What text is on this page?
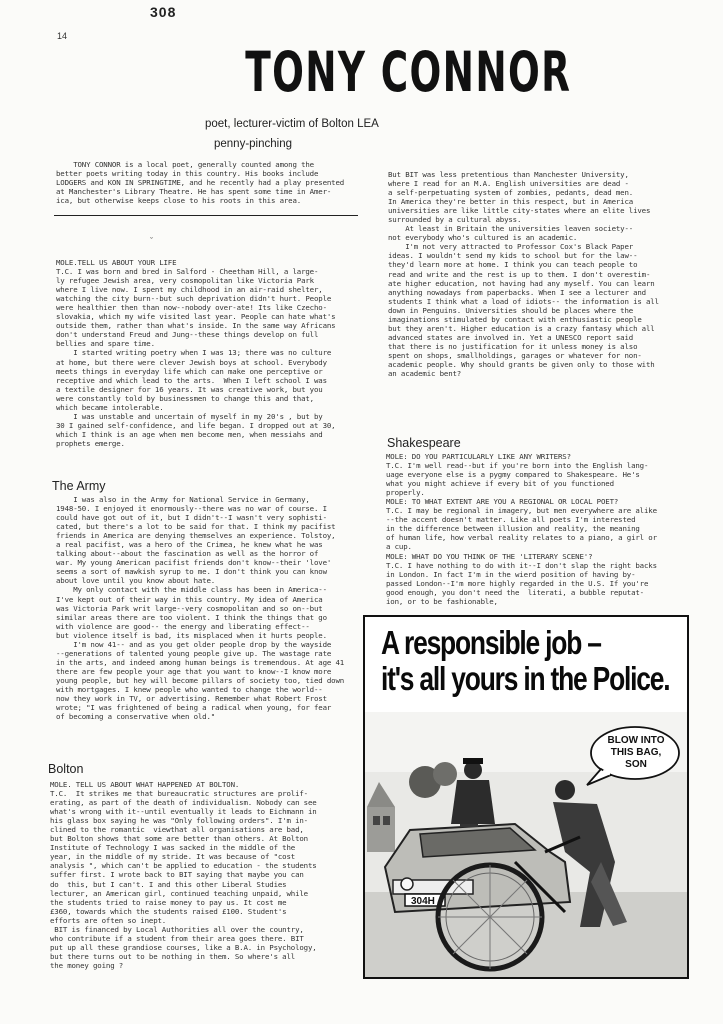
308
14
TONY CONNOR
poet, lecturer-victim of Bolton LEA
penny-pinching
TONY CONNOR is a local poet, generally counted among the
better poets writing today in this country. His books include
LODGERS and KON IN SPRINGTIME, and he recently had a play presented
at Manchester's Library Theatre. He has spent some time in Amer-
ica, but otherwise keeps close to his roots in this area.
ˇ
MOLE.TELL US ABOUT YOUR LIFE
T.C. I was born and bred in Salford - Cheetham Hill, a large-
ly refugee Jewish area, very cosmopolitan like Victoria Park
where I live now. I spent my childhood in an air-raid shelter,
watching the city burn--but such deprivation didn't hurt. People
were healthier then than now--nobody over-ate! Its like Czecho-
slovakia, which my wife visited last year. People can hate what's
outside them, rather than what's inside. In the same way Africans
don't understand Freud and Jung--these things develop on full
bellies and spare time.
I started writing poetry when I was 13; there was no culture
at home, but there were clever Jewish boys at school. Everybody
meets things in everyday life which can make one perceptive or
receptive and which lead to the arts.  When I left school I was
a textile designer for 16 years. It was creative work, but you
were constantly told by businessmen to change this and that,
which became intolerable.
I was unstable and uncertain of myself in my 20's , but by
30 I gained self-confidence, and life began. I dropped out at 30,
which I think is an age when men become men, when messiahs and
prophets emerge.
The Army
I was also in the Army for National Service in Germany,
1948-50. I enjoyed it enormously--there was no war of course. I
could have got out of it, but I didn't--I wasn't very sophisti-
cated, but there's a lot to be said for that. I think my pacifist
friends in America are denying themselves an experience. Tolstoy,
a real pacifist, was a hero of the Crimea, he knew what he was
talking about--about the fascination as well as the horror of
war. My young American pacifist friends don't know--their 'love'
seems a sort of mawkish syrup to me. I don't think you can know
about love until you know about hate.
My only contact with the middle class has been in America--
I've kept out of their way in this country. My idea of America
was Victoria Park writ large--very cosmopolitan and so on--but
similar areas there are too violent. I think the things that go
with violence are good-- the energy and liberating effect--
but violence itself is bad, its misplaced when it hurts people.
I'm now 41-- and as you get older people drop by the wayside
--generations of talented young people give up. The wastage rate
in the arts, and indeed among human beings is tremendous. At age 41
there are few people your age that you want to know--I know more
young people, but hey will become pillars of society too, tied down
with mortgages. I knew people who wanted to change the world--
now they work in TV, or advertising. Remember what Robert Frost
wrote; "I was frightened of being a radical when young, for fear
of becoming a conservative when old."
Bolton
MOLE. TELL US ABOUT WHAT HAPPENED AT BOLTON.
T.C.  It strikes me that bureaucratic structures are prolif-
erating, as part of the death of individualism. Nobody can see
what's wrong with it--until eventually it leads to Eichmann in
his glass box saying he was "Only following orders". I'm in-
clined to the romantic  viewthat all organisations are bad,
but Bolton shows that some are better than others. At Bolton
Institute of Technology I was sacked in the middle of the
year, in the middle of my stride. It was because of "cost
analysis ", which can't be applied to education - the students
suffer first. I wrote back to BIT saying that maybe you can
do  this, but I can't. I and this other Liberal Studies
lecturer, an American girl, continued teaching unpaid, while
the students tried to raise money to pay us. It cost me
£360, towards which the students raised £100. Student's
efforts are often so inept.
BIT is financed by Local Authorities all over the country,
who contribute if a student from their area goes there. BIT
put up all these grandiose courses, like a B.A. in Psychology,
but there turns out to be nothing in them. So where's all
the money going ?
But BIT was less pretentious than Manchester University,
where I read for an M.A. English universities are dead -
a self-perpetuating system of zombies, pedants, dead men.
In America they're better in this respect, but in America
universities are like little city-states where an elite lives
surrounded by a cultural abyss.
At least in Britain the universities leaven society--
not everybody who's cultured is an academic.
I'm not very attracted to Professor Cox's Black Paper
ideas. I wouldn't send my kids to school but for the law--
they'd learn more at home. I think you can teach people to
read and write and the rest is up to them. I don't overestim-
ate higher education, not having had any myself. You can learn
anything nowadays from paperbacks. When I see a lecturer and
students I think what a load of idiots-- the information is all
down in Penguins. Universities should be places where the
imaginations stimulated by contact with enthusiastic people
but they aren't. Higher education is a crazy fantasy which all
advanced states are involved in. Yet a UNESCO report said
that there is no justification for it unless money is also
spent on shops, smallholdings, garages or whatever for non-
academic people. Why should grants be given only to those with
an academic bent?
Shakespeare
MOLE: DO YOU PARTICULARLY LIKE ANY WRITERS?
T.C. I'm well read--but if you're born into the English lang-
uage everyone else is a pygmy compared to Shakespeare. He's
what you might achieve if every bit of you functioned
properly.
MOLE: TO WHAT EXTENT ARE YOU A REGIONAL OR LOCAL POET?
T.C. I may be regional in imagery, but men everywhere are alike
--the accent doesn't matter. Like all poets I'm interested
in the difference between illusion and reality, the meaning
of human life, how verbal reality relates to a piano, a girl or
a cup.
MOLE: WHAT DO YOU THINK OF THE 'LITERARY SCENE'?
T.C. I have nothing to do with it--I don't slap the right backs
in London. In fact I'm in the wierd position of having by-
passed London--I'm more highly regarded in the U.S. If you're
good enough, you don't need the  literati, a bubble reputat-
ion, or to be fashionable,
A responsible job –
it's all yours in the Police.
304H
BLOW INTO
THIS BAG,
SON
